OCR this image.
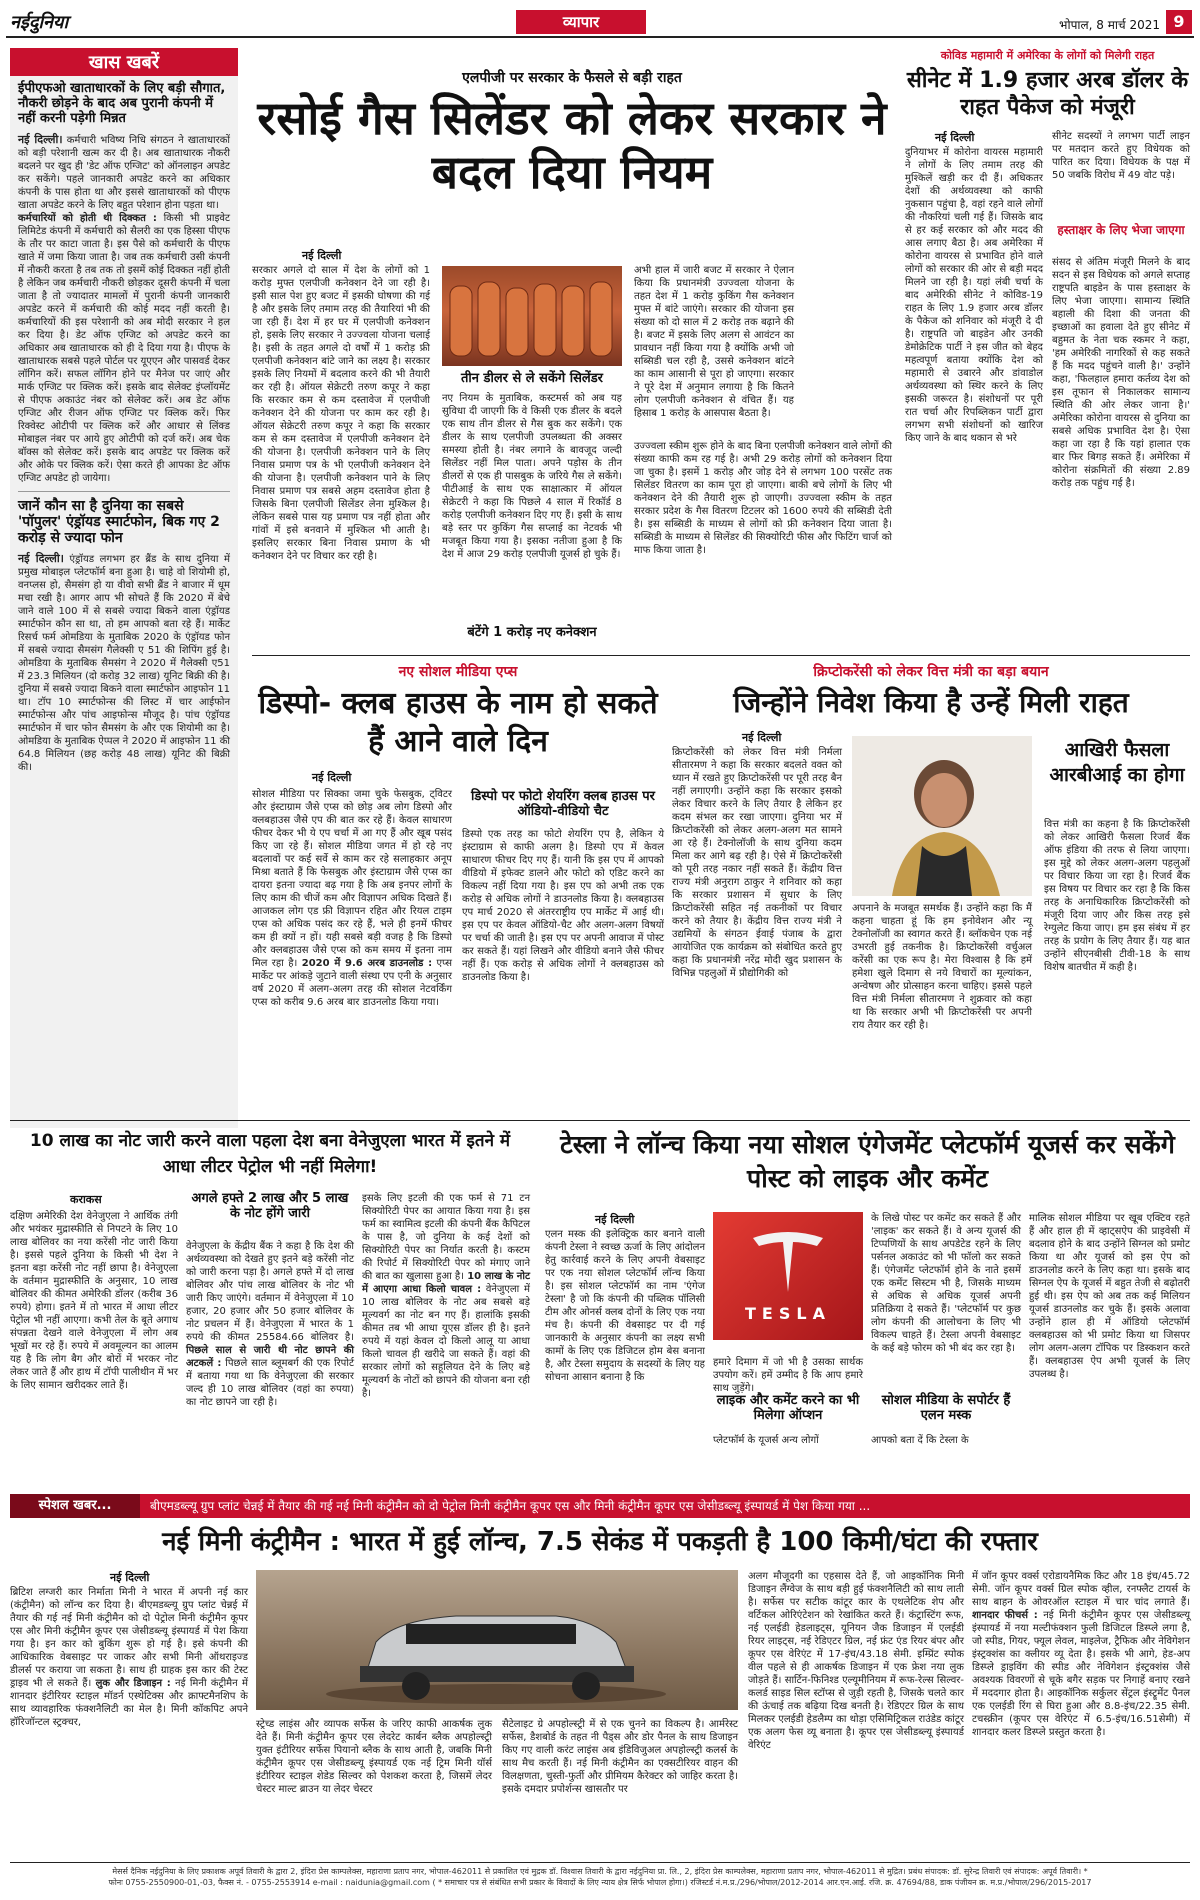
नईदुनिया	व्यापार	भोपाल, 8 मार्च 2021 9
खास खबरें
ईपीएफओ खाताधारकों के लिए बड़ी सौगात, नौकरी छोड़ने के बाद अब पुरानी कंपनी में नहीं करनी पड़ेगी मिन्नत

नई दिल्ली। कर्मचारी भविष्य निधि संगठन ने खाताधारकों को बड़ी परेशानी खत्म कर दी है। अब खाताधारक नौकरी बदलने पर खुद ही 'डेट ऑफ एग्जिट' को ऑनलाइन अपडेट कर सकेंगे। पहले जानकारी अपडेट करने का अधिकार कंपनी के पास होता था और इससे खाताधारकों को पीएफ खाता अपडेट करने के लिए बहुत परेशान होना पड़ता था।

कर्मचारियों को होती थी दिक्कत : किसी भी प्राइवेट लिमिटेड कंपनी में कर्मचारी को सैलरी का एक हिस्सा पीएफ के तौर पर काटा जाता है। इस पैसे को कर्मचारी के पीएफ खाते में जमा किया जाता है। जब तक कर्मचारी उसी कंपनी में नौकरी करता है तब तक तो इसमें कोई दिक्कत नहीं होती है लेकिन जब कर्मचारी नौकरी छोड़कर दूसरी कंपनी में चला जाता है तो ज्यादातर मामलों में पुरानी कंपनी जानकारी अपडेट करने में कर्मचारी की कोई मदद नहीं करती है। कर्मचारियों की इस परेशानी को अब मोदी सरकार ने हल कर दिया है। डेट ऑफ एग्जिट को अपडेट करने का अधिकार अब खाताधारक को ही दे दिया गया है। पीएफ के खाताधारक सबसे पहले पोर्टल पर यूएएन और पासवर्ड देकर लॉगिन करें। सफल लॉगिन होने पर मैनेज पर जाएं और मार्क एग्जिट पर क्लिक करें। इसके बाद सेलेक्ट इंप्लॉयमेंट से पीएफ अकाउंट नंबर को सेलेक्ट करें। अब डेट ऑफ एग्जिट और रीजन ऑफ एग्जिट पर क्लिक करें। फिर रिक्वेस्ट ओटीपी पर क्लिक करें और आधार से लिंक्ड मोबाइल नंबर पर आये हुए ओटीपी को दर्ज करें। अब चेक बॉक्स को सेलेक्ट करें। इसके बाद अपडेट पर क्लिक करें और ओके पर क्लिक करें। ऐसा करते ही आपका डेट ऑफ एग्जिट अपडेट हो जायेगा।

जानें कौन सा है दुनिया का सबसे 'पॉपुलर' एंड्रॉयड स्मार्टफोन, बिक गए 2 करोड़ से ज्यादा फोन

नई दिल्ली। एंड्रॉयड लगभग हर ब्रैंड के साथ दुनिया में प्रमुख मोबाइल प्लेटफॉर्म बना हुआ है। चाहे वो शियोमी हो, वनप्लस हो, सैमसंग हो या वीवो सभी ब्रैंड ने बाजार में धूम मचा रखी है। आगर आप भी सोचते हैं कि 2020 में बेचे जाने वाले 100 में से सबसे ज्यादा बिकने वाला एंड्रॉयड स्मार्टफोन कौन सा था, तो हम आपको बता रहे हैं। मार्केट रिसर्च फर्म ओमडिया के मुताबिक 2020 के एंड्रॉयड फोन में सबसे ज्यादा सैमसंग गैलेक्सी ए 51 की शिपिंग हुई है। ओमडिया के मुताबिक सैमसंग ने 2020 में गैलेक्सी ए51 में 23.3 मिलियन (दो करोड़ 32 लाख) यूनिट बिक्री की है। दुनिया में सबसे ज्यादा बिकने वाला स्मार्टफोन आइफोन 11 था। टॉप 10 स्मार्टफोन्स की लिस्ट में चार आईफोन स्मार्टफोन्स और पांच आइफोन्स मौजूद है। पांच एंड्रॉयड स्मार्टफोन में चार फोन सैमसंग के और एक शियोमी का है। ओमडिया के मुताबिक ऐप्पल ने 2020 में आइफोन 11 की 64.8 मिलियन (छह करोड़ 48 लाख) यूनिट की बिक्री की।

एलपीजी पर सरकार के फैसले से बड़ी राहत
रसोई गैस सिलेंडर को लेकर सरकार ने बदल दिया नियम
नई दिल्ली

सरकार अगले दो साल में देश के लोगों को 1 करोड़ मुफ्त एलपीजी कनेक्शन देने जा रही है। इसी साल पेश हुए बजट में इसकी घोषणा की गई है और इसके लिए तमाम तरह की तैयारियां भी की जा रही हैं। देश में हर घर में एलपीजी कनेक्शन हो, इसके लिए सरकार ने उज्ज्वला योजना चलाई है। इसी के तहत अगले दो वर्षों में 1 करोड़ फ्री एलपीजी कनेक्शन बांटे जाने का लक्ष्य है। सरकार इसके लिए नियमों में बदलाव करने की भी तैयारी कर रही है। ऑयल सेक्रेटरी तरुण कपूर ने कहा कि सरकार कम से कम दस्तावेज में एलपीजी कनेक्शन देने की योजना पर काम कर रही है। ऑयल सेक्रेटरी तरुण कपूर ने कहा कि सरकार कम से कम दस्तावेज में एलपीजी कनेक्शन देने की योजना है। एलपीजी कनेक्शन पाने के लिए निवास प्रमाण पत्र के भी एलपीजी कनेक्शन देने की योजना है। एलपीजी कनेक्शन पाने के लिए निवास प्रमाण पत्र सबसे अहम दस्तावेज होता है जिसके बिना एलपीजी सिलेंडर लेना मुश्किल है। लेकिन सबसे पास यह प्रमाण पत्र नहीं होता और गांवों में इसे बनवाने में मुश्किल भी आती है। इसलिए सरकार बिना निवास प्रमाण के भी कनेक्शन देने पर विचार कर रही है।

तीन डीलर से ले सकेंगे सिलेंडर

नए नियम के मुताबिक, कस्टमर्स को अब यह सुविधा दी जाएगी कि वे किसी एक डीलर के बदले एक साथ तीन डीलर से गैस बुक कर सकेंगे। एक डीलर के साथ एलपीजी उपलब्धता की अक्सर समस्या होती है। नंबर लगाने के बावजूद जल्दी सिलेंडर नहीं मिल पाता। अपने पड़ोस के तीन डीलरों से एक ही पासबुक के जरिये गैस ले सकेंगे। पीटीआई के साथ एक साक्षात्कार में ऑयल सेक्रेटरी ने कहा कि पिछले 4 साल में रिकॉर्ड 8 करोड़ एलपीजी कनेक्शन दिए गए हैं। इसी के साथ बड़े स्तर पर कुकिंग गैस सप्लाई का नेटवर्क भी मजबूत किया गया है। इसका नतीजा हुआ है कि देश में आज 29 करोड़ एलपीजी यूजर्स हो चुके हैं।

बंटेंगे 1 करोड़ नए कनेक्शन

अभी हाल में जारी बजट में सरकार ने ऐलान किया कि प्रधानमंत्री उज्ज्वला योजना के तहत देश में 1 करोड़ कुकिंग गैस कनेक्शन मुफ्त में बांटे जाएंगे। सरकार की योजना इस संख्या को दो साल में 2 करोड़ तक बढ़ाने की है। बजट में इसके लिए अलग से आवंटन का प्रावधान नहीं किया गया है क्योंकि अभी जो सब्सिडी चल रही है, उससे कनेक्शन बांटने का काम आसानी से पूरा हो जाएगा। सरकार ने पूरे देश में अनुमान लगाया है कि कितने लोग एलपीजी कनेक्शन से वंचित हैं। यह हिसाब 1 करोड़ के आसपास बैठता है।

उज्ज्वला स्कीम शुरू होने के बाद बिना एलपीजी कनेक्शन वाले लोगों की संख्या काफी कम रह गई है। अभी 29 करोड़ लोगों को कनेक्शन दिया जा चुका है। इसमें 1 करोड़ और जोड़ देने से लगभग 100 परसेंट तक सिलेंडर वितरण का काम पूरा हो जाएगा। बाकी बचे लोगों के लिए भी कनेक्शन देने की तैयारी शुरू हो जाएगी। उज्ज्वला स्कीम के तहत सरकार प्रदेश के गैस वितरण टिटलर को 1600 रुपये की सब्सिडी देती है। इस सब्सिडी के माध्यम से लोगों को फ्री कनेक्शन दिया जाता है। सब्सिडी के माध्यम से सिलेंडर की सिक्योरिटी फीस और फिटिंग चार्ज को माफ किया जाता है।

कोविड महामारी में अमेरिका के लोगों को मिलेगी राहत
सीनेट में 1.9 हजार अरब डॉलर के राहत पैकेज को मंजूरी
नई दिल्ली

दुनियाभर में कोरोना वायरस महामारी ने लोगों के लिए तमाम तरह की मुश्किलें खड़ी कर दी हैं। अधिकतर देशों की अर्थव्यवस्था को काफी नुकसान पहुंचा है, वहां रहने वाले लोगों की नौकरियां चली गई हैं। जिसके बाद से हर कई सरकार को और मदद की आस लगाए बैठा है। अब अमेरिका में कोरोना वायरस से प्रभावित होने वाले लोगों को सरकार की ओर से बड़ी मदद मिलने जा रही है। यहां लंबी चर्चा के बाद अमेरिकी सीनेट ने कोविड-19 राहत के लिए 1.9 हजार अरब डॉलर के पैकेज को शनिवार को मंजूरी दे दी है। राष्ट्रपति जो बाइडेन और उनकी डेमोक्रेटिक पार्टी ने इस जीत को बेहद महत्वपूर्ण बताया क्योंकि देश को महामारी से उबारने और डांवाडोल अर्थव्यवस्था को स्थिर करने के लिए इसकी जरूरत है। संशोधनों पर पूरी रात चर्चा और रिपब्लिकन पार्टी द्वारा लगभग सभी संशोधनों को खारिज किए जाने के बाद थकान से भरे

सीनेट सदस्यों ने लगभग पार्टी लाइन पर मतदान करते हुए विधेयक को पारित कर दिया। विधेयक के पक्ष में 50 जबकि विरोध में 49 वोट पड़े।

हस्ताक्षर के लिए भेजा जाएगा

संसद से अंतिम मंजूरी मिलने के बाद सदन से इस विधेयक को अगले सप्ताह राष्ट्रपति बाइडेन के पास हस्ताक्षर के लिए भेजा जाएगा। सामान्य स्थिति बहाली की दिशा की जनता की इच्छाओं का हवाला देते हुए सीनेट में बहुमत के नेता चक स्कमर ने कहा, 'हम अमेरिकी नागरिकों से कह सकते हैं कि मदद पहुंचने वाली है।' उन्होंने कहा, 'फिलहाल हमारा कर्तव्य देश को इस तूफान से निकालकर सामान्य स्थिति की ओर लेकर जाना है।' अमेरिका कोरोना वायरस से दुनिया का सबसे अधिक प्रभावित देश है। ऐसा कहा जा रहा है कि यहां हालात एक बार फिर बिगड़ सकते हैं। अमेरिका में कोरोना संक्रमितों की संख्या 2.89 करोड़ तक पहुंच गई है।

नए सोशल मीडिया एप्स
डिस्पो- क्लब हाउस के नाम हो सकते हैं आने वाले दिन
नई दिल्ली

सोशल मीडिया पर सिक्का जमा चुके फेसबुक, ट्विटर और इंस्टाग्राम जैसे एप्स को छोड़ अब लोग डिस्पो और क्लबहाउस जैसे एप की बात कर रहे हैं। केवल साधारण फीचर देकर भी ये एप चर्चा में आ गए हैं और खूब पसंद किए जा रहे हैं। सोशल मीडिया जगत में हो रहे नए बदलावों पर कई सर्वे से काम कर रहे सलाहकार अनूप मिश्रा बताते हैं कि फेसबुक और इंस्टाग्राम जैसे एप्स का दायरा इतना ज्यादा बढ़ गया है कि अब इनपर लोगों के लिए काम की चीजें कम और विज्ञापन अधिक दिखते हैं। आजकल लोग एड फ्री विज्ञापन रहित और रियल टाइम एप्स को अधिक पसंद कर रहे हैं, भले ही इनमें फीचर कम ही क्यों न हों। यही सबसे बड़ी वजह है कि डिस्पो और क्लबहाउस जैसे एप्स को कम समय में इतना नाम मिल रहा है। 2020 में 9.6 अरब डाउनलोड : एप्स मार्केट पर आंकड़े जुटाने वाली संस्था एप एनी के अनुसार वर्ष 2020 में अलग-अलग तरह की सोशल नेटवर्किंग एप्स को करीब 9.6 अरब बार डाउनलोड किया गया।

डिस्पो पर फोटो शेयरिंग क्लब हाउस पर ऑडियो-वीडियो चैट

डिस्पो एक तरह का फोटो शेयरिंग एप है, लेकिन ये इंस्टाग्राम से काफी अलग है। डिस्पो एप में केवल साधारण फीचर दिए गए हैं। यानी कि इस एप में आपको वीडियो में इफेक्ट डालने और फोटो को एडिट करने का विकल्प नहीं दिया गया है। इस एप को अभी तक एक करोड़ से अधिक लोगों ने डाउनलोड किया है। क्लबहाउस एप मार्च 2020 से अंतरराष्ट्रीय एप मार्केट में आई थी। इस एप पर केवल ऑडियो-चैट और अलग-अलग विषयों पर चर्चा की जाती है। इस एप पर अपनी आवाज में पोस्ट कर सकते हैं। यहां लिखने और वीडियो बनाने जैसे फीचर नहीं हैं। एक करोड़ से अधिक लोगों ने क्लबहाउस को डाउनलोड किया है।

क्रिप्टोकरेंसी को लेकर वित्त मंत्री का बड़ा बयान
जिन्होंने निवेश किया है उन्हें मिली राहत
नई दिल्ली

क्रिप्टोकरेंसी को लेकर वित्त मंत्री निर्मला सीतारमण ने कहा कि सरकार बदलते वक्त को ध्यान में रखते हुए क्रिप्टोकरेंसी पर पूरी तरह बैन नहीं लगाएगी। उन्होंने कहा कि सरकार इसको लेकर विचार करने के लिए तैयार है लेकिन हर कदम संभल कर रखा जाएगा। दुनिया भर में क्रिप्टोकरेंसी को लेकर अलग-अलग मत सामने आ रहे हैं। टेक्नोलॉजी के साथ दुनिया कदम मिला कर आगे बढ़ रही है। ऐसे में क्रिप्टोकरेंसी को पूरी तरह नकार नहीं सकते हैं। केंद्रीय वित्त राज्य मंत्री अनुराग ठाकुर ने शनिवार को कहा कि सरकार प्रशासन में सुधार के लिए क्रिप्टोकरेंसी सहित नई तकनीकों पर विचार करने को तैयार है। केंद्रीय वित्त राज्य मंत्री ने उद्यमियों के संगठन ईवाई पंजाब के द्वारा आयोजित एक कार्यक्रम को संबोधित करते हुए कहा कि प्रधानमंत्री नरेंद्र मोदी खुद प्रशासन के विभिन्न पहलुओं में प्रौद्योगिकी को

अपनाने के मजबूत समर्थक हैं। उन्होंने कहा कि मैं कहना चाहता हूं कि हम इनोवेशन और न्यू टेक्नोलॉजी का स्वागत करते हैं। ब्लॉकचेन एक नई उभरती हुई तकनीक है। क्रिप्टोकरेंसी वर्चुअल करेंसी का एक रूप है। मेरा विश्वास है कि हमें हमेशा खुले दिमाग से नये विचारों का मूल्यांकन, अन्वेषण और प्रोत्साहन करना चाहिए। इससे पहले वित्त मंत्री निर्मला सीतारमण ने शुक्रवार को कहा था कि सरकार अभी भी क्रिप्टोकरेंसी पर अपनी राय तैयार कर रही है।

आखिरी फैसला आरबीआई का होगा

वित्त मंत्री का कहना है कि क्रिप्टोकरेंसी को लेकर आखिरी फैसला रिजर्व बैंक ऑफ इंडिया की तरफ से लिया जाएगा। इस मुद्दे को लेकर अलग-अलग पहलुओं पर विचार किया जा रहा है। रिजर्व बैंक इस विषय पर विचार कर रहा है कि किस तरह के अनाधिकारिक क्रिप्टोकरेंसी को मंजूरी दिया जाए और किस तरह इसे रेग्युलेट किया जाए। हम इस संबंध में हर तरह के प्रयोग के लिए तैयार हैं। यह बात उन्होंने सीएनबीसी टीवी-18 के साथ विशेष बातचीत में कही है।

10 लाख का नोट जारी करने वाला पहला देश बना वेनेजुएला भारत में इतने में आधा लीटर पेट्रोल भी नहीं मिलेगा!
कराकस

दक्षिण अमेरिकी देश वेनेजुएला ने आर्थिक तंगी और भयंकर मुद्रास्फीति से निपटने के लिए 10 लाख बोलिवर का नया करेंसी नोट जारी किया है। इससे पहले दुनिया के किसी भी देश ने इतना बड़ा करेंसी नोट नहीं छापा है। वेनेजुएला के वर्तमान मुद्रास्फीति के अनुसार, 10 लाख बोलिवर की कीमत अमेरिकी डॉलर (करीब 36 रुपये) होगा। इतने में तो भारत में आधा लीटर पेट्रोल भी नहीं आएगा। कभी तेल के बूते अगाध संपन्नता देखने वाले वेनेजुएला में लोग अब भूखों मर रहे हैं। रुपये में अवमूल्यन का आलम यह है कि लोग बैग और बोरों में भरकर नोट लेकर जाते हैं और हाथ में टॉपी पालीथीन में भर के लिए सामान खरीदकर लाते हैं।

अगले हफ्ते 2 लाख और 5 लाख के नोट होंगे जारी

वेनेजुएला के केंद्रीय बैंक ने कहा है कि देश की अर्थव्यवस्था को देखते हुए इतने बड़े करेंसी नोट को जारी करना पड़ा है। अगले हफ्ते में दो लाख बोलिवर और पांच लाख बोलिवर के नोट भी जारी किए जाएंगे। वर्तमान में वेनेजुएला में 10 हजार, 20 हजार और 50 हजार बोलिवर के नोट प्रचलन में हैं। वेनेजुएला में भारत के 1 रुपये की कीमत 25584.66 बोलिवर है। पिछले साल से जारी थी नोट छापने की अटकलें : पिछले साल ब्लूमबर्ग की एक रिपोर्ट में बताया गया था कि वेनेजुएला की सरकार जल्द ही 10 लाख बोलिवर (वहां का रुपया) का नोट छापने जा रही है।

इसके लिए इटली की एक फर्म से 71 टन सिक्योरिटी पेपर का आयात किया गया है। इस फर्म का स्वामित्व इटली की कंपनी बैंक कैपिटल के पास है, जो दुनिया के कई देशों को सिक्योरिटी पेपर का निर्यात करती है। कस्टम की रिपोर्ट में सिक्योरिटी पेपर को मंगाए जाने की बात का खुलासा हुआ है। 10 लाख के नोट में आएगा आधा किलो चावल : वेनेजुएला में 10 लाख बोलिवर के नोट अब सबसे बड़े मूल्यवर्ग का नोट बन गए हैं। हालांकि इसकी कीमत तब भी आधा यूएस डॉलर ही है। इतने रुपये में यहां केवल दो किलो आलू या आधा किलो चावल ही खरीदे जा सकते हैं। वहां की सरकार लोगों को सहूलियत देने के लिए बड़े मूल्यवर्ग के नोटों को छापने की योजना बना रही है।

टेस्ला ने लॉन्च किया नया सोशल एंगेजमेंट प्लेटफॉर्म यूजर्स कर सकेंगे पोस्ट को लाइक और कमेंट
नई दिल्ली

एलन मस्क की इलेक्ट्रिक कार बनाने वाली कंपनी टेस्ला ने स्वच्छ ऊर्जा के लिए आंदोलन हेतु कार्रवाई करने के लिए अपनी वेबसाइट पर एक नया सोशल प्लेटफॉर्म लॉन्च किया है। इस सोशल प्लेटफॉर्म का नाम 'एंगेज टेस्ला' है जो कि कंपनी की पब्लिक पॉलिसी टीम और ओनर्स क्लब दोनों के लिए एक नया मंच है। कंपनी की वेबसाइट पर दी गई जानकारी के अनुसार कंपनी का लक्ष्य सभी कामों के लिए एक डिजिटल होम बेस बनाना है, और टेस्ला समुदाय के सदस्यों के लिए यह सोचना आसान बनाना है कि

TESLA

हमारे दिमाग में जो भी है उसका सार्थक उपयोग करें। हमें उम्मीद है कि आप हमारे साथ जुड़ेंगे।

लाइक और कमेंट करने का भी मिलेगा ऑप्शन

प्लेटफॉर्म के यूजर्स अन्य लोगों

के लिखे पोस्ट पर कमेंट कर सकते हैं और 'लाइक' कर सकते हैं। वे अन्य यूजर्स की टिप्पणियों के साथ अपडेटेड रहने के लिए पर्सनल अकाउंट को भी फॉलो कर सकते हैं। एंगेजमेंट प्लेटफॉर्म होने के नाते इसमें एक कमेंट सिस्टम भी है, जिसके माध्यम से अधिक से अधिक यूजर्स अपनी प्रतिक्रिया दे सकते हैं। 'प्लेटफॉर्म पर कुछ लोग कंपनी की आलोचना के लिए भी विकल्प चाहते हैं। टेस्ला अपनी वेबसाइट के कई बड़े फोरम को भी बंद कर रहा है।

सोशल मीडिया के सपोर्टर हैं एलन मस्क

आपको बता दें कि टेस्ला के

मालिक सोशल मीडिया पर खूब एक्टिव रहते हैं और हाल ही में व्हाट्सऐप की प्राइवेसी में बदलाव होने के बाद उन्होंने सिग्नल को प्रमोट किया था और यूजर्स को इस ऐप को डाउनलोड करने के लिए कहा था। इसके बाद सिग्नल ऐप के यूजर्स में बहुत तेजी से बढ़ोतरी हुई थी। इस ऐप को अब तक कई मिलियन यूजर्स डाउनलोड कर चुके हैं। इसके अलावा उन्होंने हाल ही में ऑडियो प्लेटफॉर्म क्लबहाउस को भी प्रमोट किया था जिसपर लोग अलग-अलग टॉपिक पर डिस्कशन करते हैं। क्लबहाउस ऐप अभी यूजर्स के लिए उपलब्ध है।

स्पेशल खबर...	बीएमडब्ल्यू ग्रुप प्लांट चेन्नई में तैयार की गई नई मिनी कंट्रीमैन को दो पेट्रोल मिनी कंट्रीमैन कूपर एस और मिनी कंट्रीमैन कूपर एस जेसीडब्ल्यू इंस्पायर्ड में पेश किया गया ...
नई मिनी कंट्रीमैन : भारत में हुई लॉन्च, 7.5 सेकंड में पकड़ती है 100 किमी/घंटा की रफ्तार
नई दिल्ली

ब्रिटिश लग्जरी कार निर्माता मिनी ने भारत में अपनी नई कार (कंट्रीमैन) को लॉन्च कर दिया है। बीएमडब्ल्यू ग्रुप प्लांट चेन्नई में तैयार की गई नई मिनी कंट्रीमैन को दो पेट्रोल मिनी कंट्रीमैन कूपर एस और मिनी कंट्रीमैन कूपर एस जेसीडब्ल्यू इंस्पायर्ड में पेश किया गया है। इन कार को बुकिंग शुरू हो गई है। इसे कंपनी की आधिकारिक वेबसाइट पर जाकर और सभी मिनी ऑथराइज्ड डीलर्स पर कराया जा सकता है। साथ ही ग्राहक इस कार की टेस्ट ड्राइव भी ले सकते हैं। लुक और डिजाइन : नई मिनी कंट्रीमैन में शानदार इंटीरियर स्टाइल मॉडर्न एस्थेटिक्स और क्राफ्टमैनशिप के साथ व्यावहारिक फंक्शनैलिटी का मेल है। मिनी कॉकपिट अपने हॉरिजॉन्टल स्ट्रक्चर,	स्ट्रेच्ड लाइंस और व्यापक सर्फेस के जरिए काफी आकर्षक लुक देते हैं। मिनी कंट्रीमैन कूपर एस लेदरेट कार्बन ब्लैक अपहोल्स्ट्री युक्त इंटीरियर सर्फेस पियानो ब्लैक के साथ आती है, जबकि मिनी कंट्रीमैन कूपर एस जेसीडब्ल्यू इंस्पायर्ड एक नई ट्रिम मिनी यॉर्स इंटीरियर स्टाइल शेडेड सिल्वर को पेशकश करता है, जिसमें लेदर चेस्टर माल्ट ब्राउन या लेदर चेस्टर

सैटेलाइट ग्रे अपहोल्स्ट्री में से एक चुनने का विकल्प है। आर्मरेस्ट सर्फेस, डैशबोर्ड के तहत नी पैड्स और डोर पैनल के साथ डिजाइन किए गए वाली करंट लाइंस अब इंडिविजुअल अपहोल्स्ट्री कलर्स के साथ मैच करती हैं। नई मिनी कंट्रीमैन का एक्सटीरियर वाहन की विलक्षणता, चुस्ती-फुर्ती और प्रीमियम कैरेक्टर को जाहिर करता है। इसके दमदार प्रपोर्शन्स खासतौर पर

अलग मौजूदगी का एहसास देते हैं, जो आइकॉनिक मिनी डिजाइन लैंग्वेज के साथ बड़ी हुई फंक्शनैलिटी को साथ लाती है। सर्फेस पर सटीक कांटूर कार के एथलेटिक शेप और वर्टिकल ओरिएंटेशन को रेखांकित करते हैं। कंट्रास्टिंग रूफ, नई एलईडी हेडलाइट्स, यूनियन जैक डिजाइन में एलईडी रियर लाइट्स, नई रेडिएटर ग्रिल, नई फ्रंट एंड रियर बंपर और कूपर एस वेरिएंट में 17-इंच/43.18 सेमी. इम्प्रिंट स्पोक वील पहले से ही आकर्षक डिजाइन में एक फ्रेश नया लुक जोड़ते हैं। सार्टिन-फिनिश्ड एल्यूमीनियम में रूफ-रेल्स सिल्वर-कलर्ड साइड सिल स्टॉप्स से जुड़ी रहती है, जिसके चलते कार की ऊंचाई तक बढ़िया दिख बनती है। रेडिएटर ग्रिल के साथ मिलकर एलईडी हेडलैम्प का थोड़ा एसिमिट्रिकल राउंडेड कांटूर एक अलग फेस व्यू बनाता है। कूपर एस जेसीडब्ल्यू इंस्पायर्ड वेरिएंट

में जॉन कूपर वर्क्स एरोडायनैमिक किट और 18 इंच/45.72 सेमी. जॉन कूपर वर्क्स ग्रिल स्पोक व्हील, रनफ्लैट टायर्स के साथ बाहन के ओवरऑल स्टाइल में चार चांद लगाते हैं। शानदार फीचर्स : नई मिनी कंट्रीमैन कूपर एस जेसीडब्ल्यू इंस्पायर्ड में नया मल्टीफंक्शन फुली डिजिटल डिस्प्ले लगा है, जो स्पीड, गियर, फ्यूल लेवल, माइलेज, ट्रैफिक और नेविगेशन इंस्ट्रक्शंस का क्लीयर व्यू देता है। इसके भी आगे, हेड-अप डिस्प्ले ड्राइविंग की स्पीड और नेविगेशन इंस्ट्रक्शंस जैसे अवश्यक विवरणों से चूके बगैर सड़क पर निगाहें बनाए रखने में मददगार होता है। आइकॉनिक सर्कुलर सेंट्रल इंस्ट्रूमेंट पैनल एक एलईडी रिंग से घिरा हुआ और 8.8-इंच/22.35 सेमी. टचस्क्रीन (कूपर एस वेरिएंट में 6.5-इंच/16.51सेमी) में शानदार कलर डिस्प्ले प्रस्तुत करता है।

मेसर्स दैनिक नईदुनिया के लिए प्रकाशक अपूर्व तिवारी के द्वारा 2, इंदिरा प्रेस काम्पलेक्स, महाराणा प्रताप नगर, भोपाल-462011 से प्रकाशित एवं मुद्रक डॉ. विश्वास तिवारी के द्वारा नईदुनिया प्रा. लि., 2, इंदिरा प्रेस काम्पलेक्स, महाराणा प्रताप नगर, भोपाल-462011 से मुद्रित। प्रबंध संपादक: डॉ. सुरेन्द्र तिवारी एवं संपादक: अपूर्व तिवारी। *
फोनः 0755-2550900-01,-03, फैक्स नं. - 0755-2553914 e-mail : naidunia@gmail.com ( * समाचार पत्र से संबंधित सभी प्रकार के विवादों के लिए न्याय क्षेत्र सिर्फ भोपाल होगा।) रजिस्टर्ड नं.म.प्र./296/भोपाल/2012-2014 आर.एन.आई. रजि. क्र. 47694/88, डाक पंजीयन क्र. म.प्र./भोपाल/296/2015-2017
